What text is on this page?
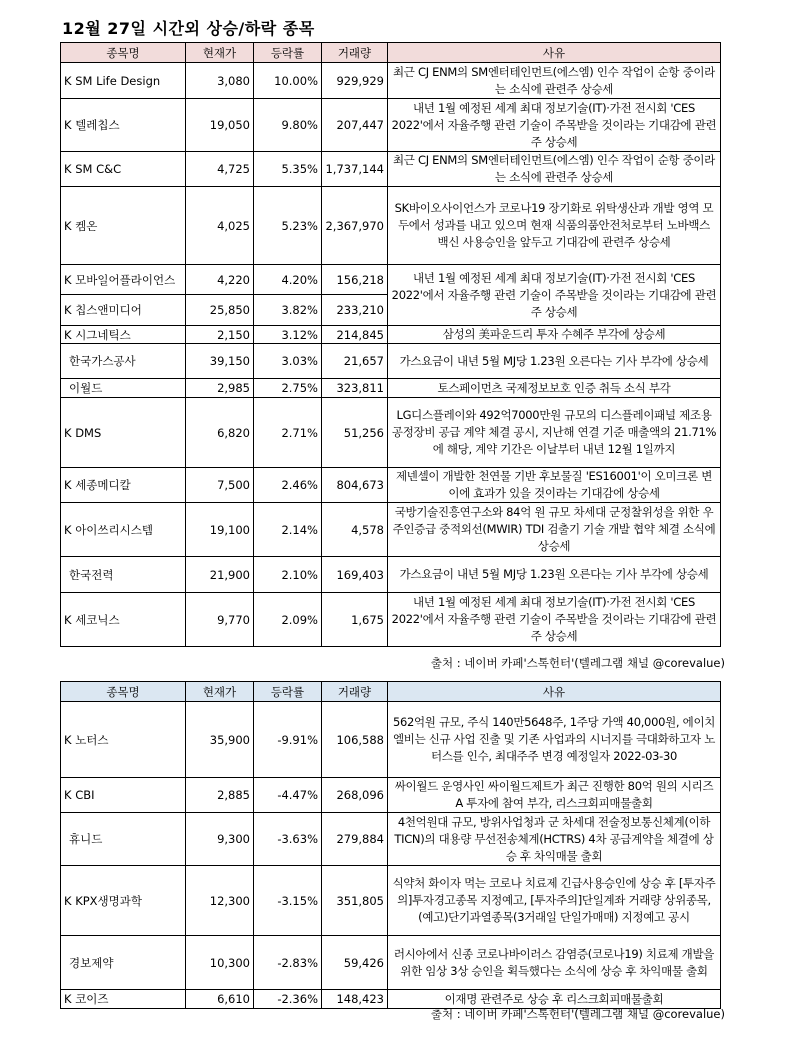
12월 27일 시간외 상승/하락 종목
종목명	현재가	등락률	거래량	사유
K SM Life Design	3,080	10.00%	929,929	최근 CJ ENM의 SM엔터테인먼트(에스엠) 인수 작업이 순항 중이라는 소식에 관련주 상승세
K 텔레칩스	19,050	9.80%	207,447	내년 1월 예정된 세계 최대 정보기술(IT)·가전 전시회 'CES 2022'에서 자율주행 관련 기술이 주목받을 것이라는 기대감에 관련주 상승세
K SM C&C	4,725	5.35%	1,737,144	최근 CJ ENM의 SM엔터테인먼트(에스엠) 인수 작업이 순항 중이라는 소식에 관련주 상승세
K 켐온	4,025	5.23%	2,367,970	SK바이오사이언스가 코로나19 장기화로 위탁생산과 개발 영역 모두에서 성과를 내고 있으며 현재 식품의품안전처로부터 노바백스 백신 사용승인을 앞두고 기대감에 관련주 상승세
K 모바일어플라이언스	4,220	4.20%	156,218	내년 1월 예정된 세계 최대 정보기술(IT)·가전 전시회 'CES 2022'에서 자율주행 관련 기술이 주목받을 것이라는 기대감에 관련주 상승세
K 칩스앤미디어	25,850	3.82%	233,210	
K 시그네틱스	2,150	3.12%	214,845	삼성의 美파운드리 투자 수혜주 부각에 상승세
한국가스공사	39,150	3.03%	21,657	가스요금이 내년 5월 MJ당 1.23원 오른다는 기사 부각에 상승세
이월드	2,985	2.75%	323,811	토스페이먼츠 국제정보보호 인증 취득 소식 부각
K DMS	6,820	2.71%	51,256	LG디스플레이와 492억7000만원 규모의 디스플레이패널 제조용 공정장비 공급 계약 체결 공시, 지난해 연결 기준 매출액의 21.71%에 해당, 계약 기간은 이날부터 내년 12월 1일까지
K 세종메디칼	7,500	2.46%	804,673	제넨셀이 개발한 천연물 기반 후보물질 'ES16001'이 오미크론 변이에 효과가 있을 것이라는 기대감에 상승세
K 아이쓰리시스템	19,100	2.14%	4,578	국방기술진흥연구소와 84억 원 규모 차세대 군정찰위성을 위한 우주인증급 중적외선(MWIR) TDI 검출기 기술 개발 협약 체결 소식에 상승세
한국전력	21,900	2.10%	169,403	가스요금이 내년 5월 MJ당 1.23원 오른다는 기사 부각에 상승세
K 세코닉스	9,770	2.09%	1,675	내년 1월 예정된 세계 최대 정보기술(IT)·가전 전시회 'CES 2022'에서 자율주행 관련 기술이 주목받을 것이라는 기대감에 관련주 상승세
출처 : 네이버 카페'스톡헌터'(텔레그램 채널 @corevalue)
종목명	현재가	등락률	거래량	사유
K 노터스	35,900	-9.91%	106,588	562억원 규모, 주식 140만5648주, 1주당 가액 40,000원, 에이치엘비는 신규 사업 진출 및 기존 사업과의 시너지를 극대화하고자 노터스를 인수, 최대주주 변경 예정일자 2022-03-30
K CBI	2,885	-4.47%	268,096	싸이월드 운영사인 싸이월드제트가 최근 진행한 80억 원의 시리즈A 투자에 참여 부각, 리스크회피매물출회
휴니드	9,300	-3.63%	279,884	4천억원대 규모, 방위사업청과 군 차세대 전술정보통신체계(이하 TICN)의 대용량 무선전송체계(HCTRS) 4차 공급계약을 체결에 상승 후 차익매물 출회
K KPX생명과학	12,300	-3.15%	351,805	식약처 화이자 먹는 코로나 치료제 긴급사용승인에 상승 후 [투자주의]투자경고종목 지정예고, [투자주의]단일계좌 거래량 상위종목, (예고)단기과열종목(3거래일 단일가매매) 지정예고 공시
경보제약	10,300	-2.83%	59,426	러시아에서 신종 코로나바이러스 감염증(코로나19) 치료제 개발을 위한 임상 3상 승인을 획득했다는 소식에 상승 후 차익매물 출회
K 코이즈	6,610	-2.36%	148,423	이재명 관련주로 상승 후 리스크회피매물출회
출처 : 네이버 카페'스톡헌터'(텔레그램 채널 @corevalue)
